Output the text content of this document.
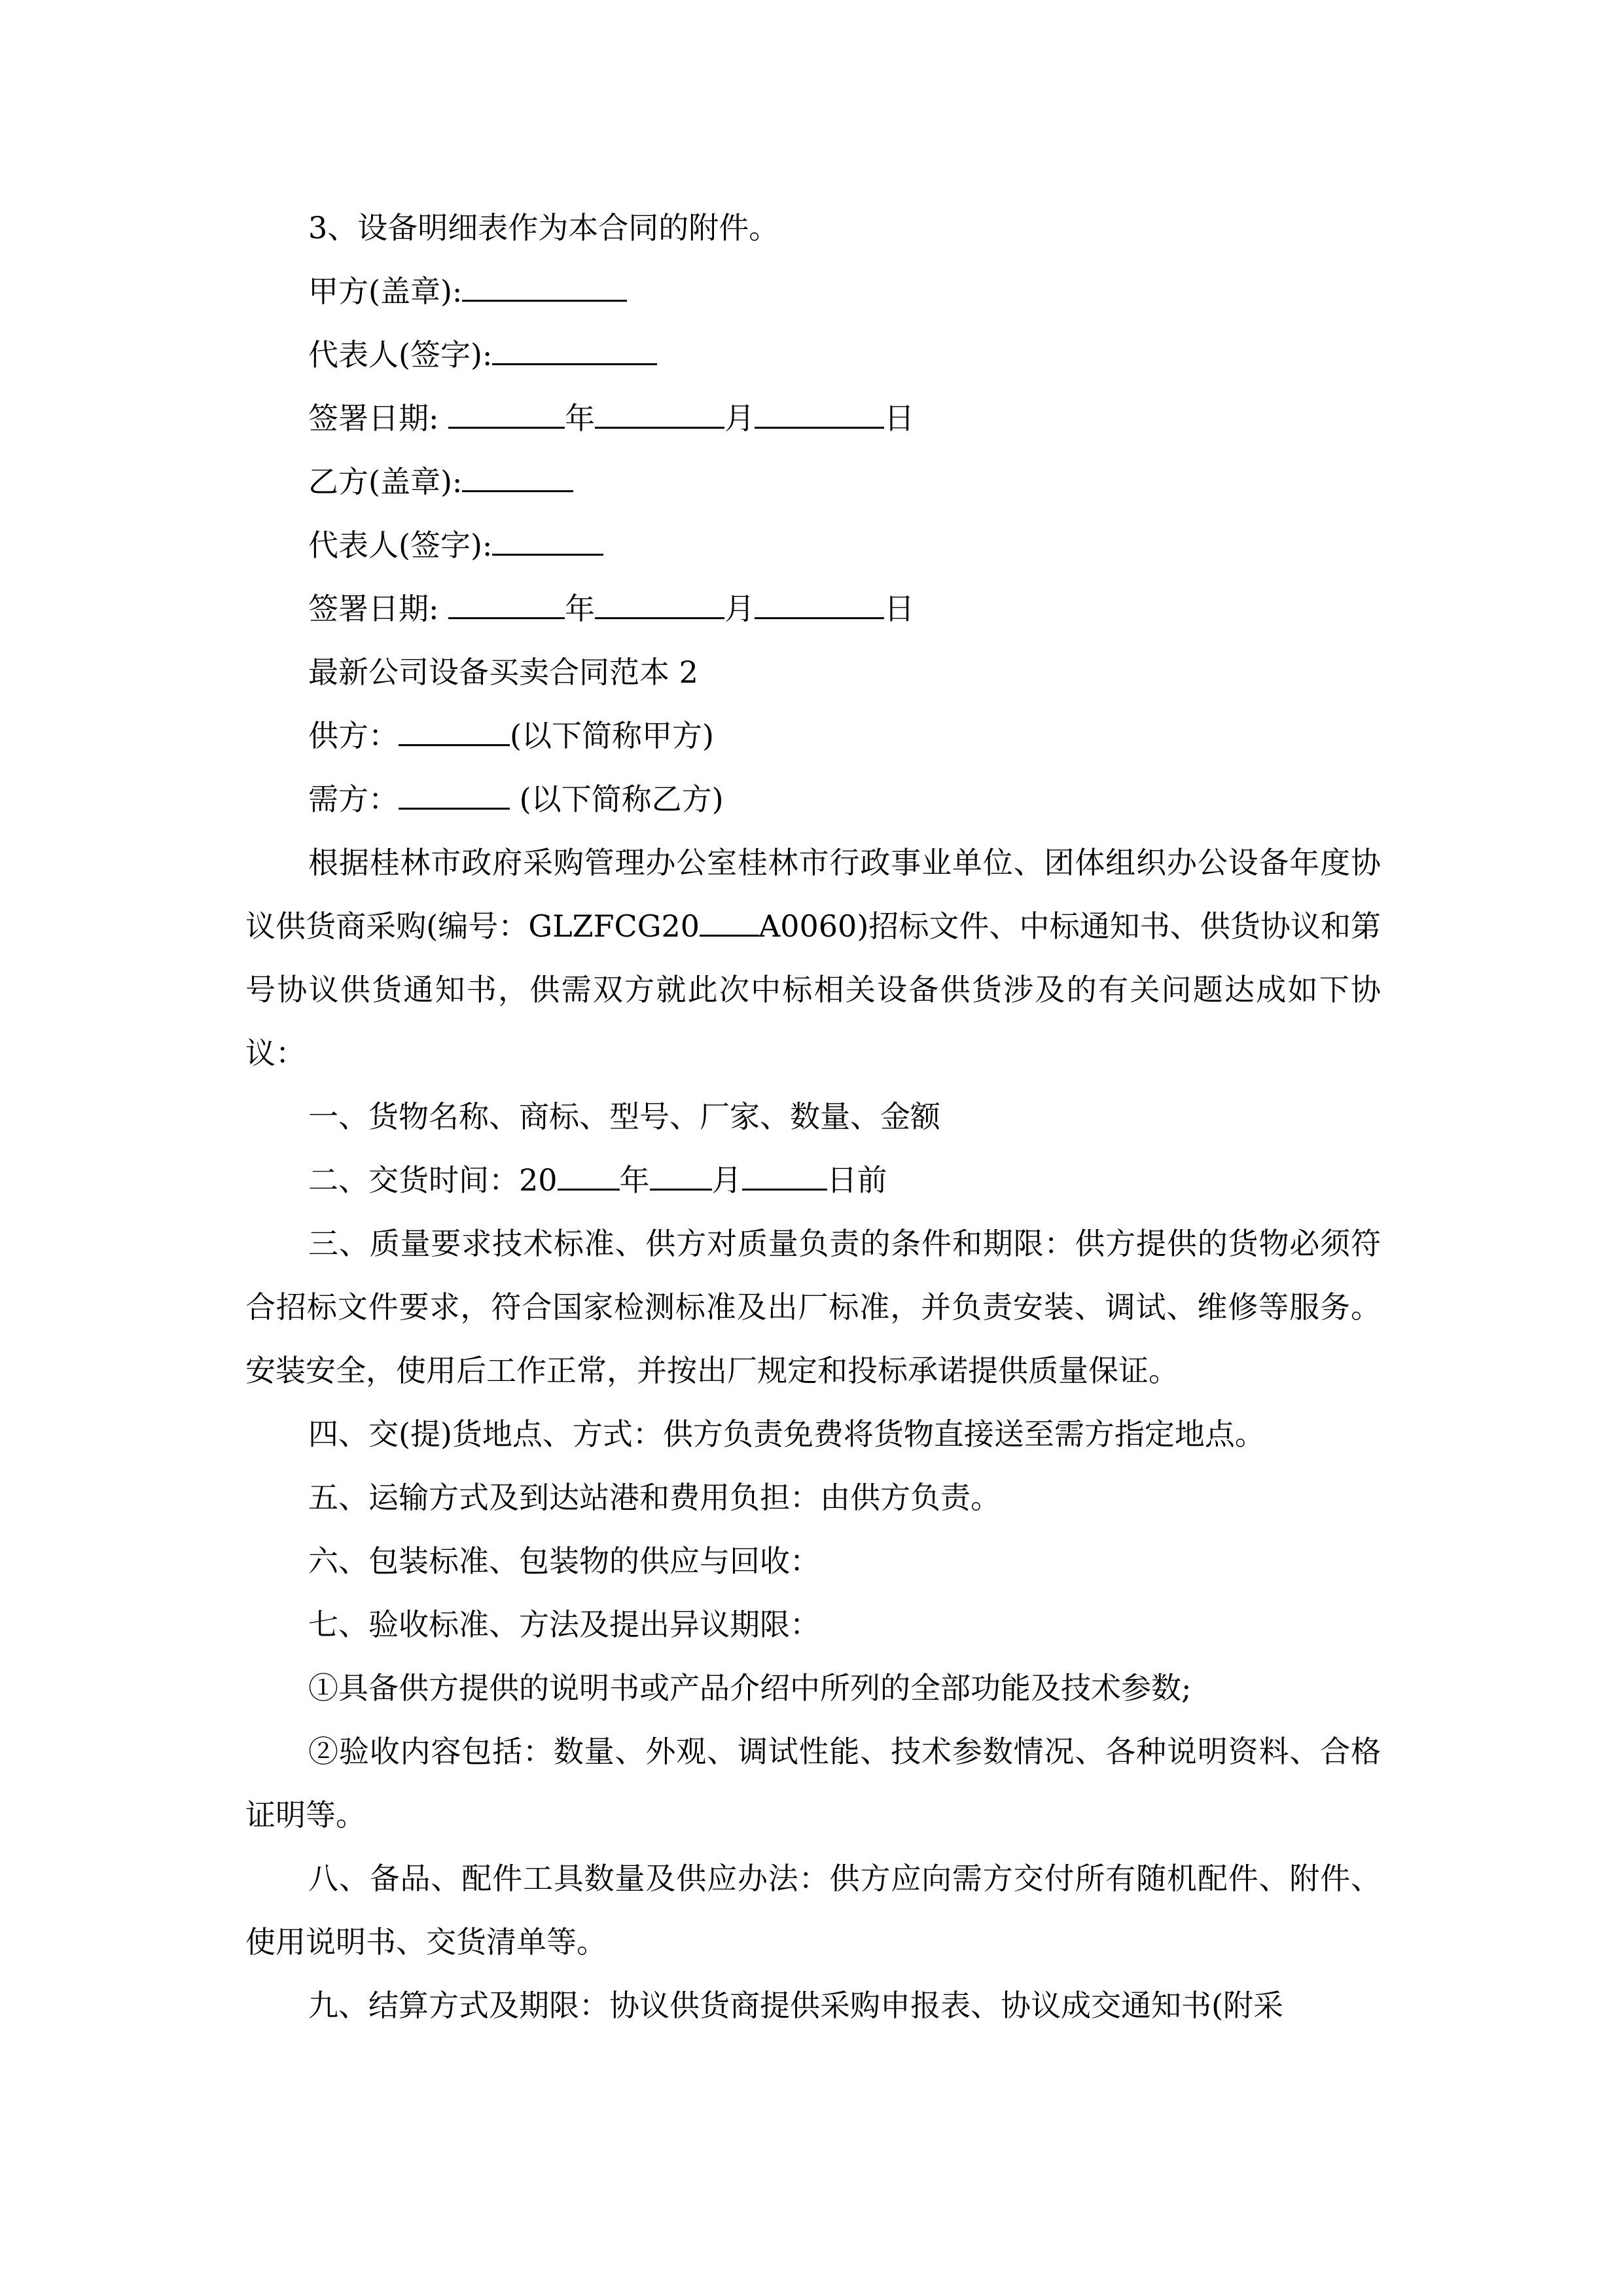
3、设备明细表作为本合同的附件。

甲方(盖章):

代表人(签字):

签署日期:	年	月	日

乙方(盖章):

代表人(签字):

签署日期:	年	月	日

最新公司设备买卖合同范本 2

供方：	(以下简称甲方)

需方：	(以下简称乙方)

根据桂林市政府采购管理办公室桂林市行政事业单位、团体组织办公设备年度协议供货商采购(编号：GLZFCG20 A0060)招标文件、中标通知书、供货协议和第 号协议供货通知书，供需双方就此次中标相关设备供货涉及的有关问题达成如下协议：

一、货物名称、商标、型号、厂家、数量、金额

二、交货时间：20 年 月	日前

三、质量要求技术标准、供方对质量负责的条件和期限：供方提供的货物必须符合招标文件要求，符合国家检测标准及出厂标准，并负责安装、调试、维修等服务。安装安全，使用后工作正常，并按出厂规定和投标承诺提供质量保证。

四、交(提)货地点、方式：供方负责免费将货物直接送至需方指定地点。

五、运输方式及到达站港和费用负担：由供方负责。

六、包装标准、包装物的供应与回收：

七、验收标准、方法及提出异议期限：

①具备供方提供的说明书或产品介绍中所列的全部功能及技术参数;

②验收内容包括：数量、外观、调试性能、技术参数情况、各种说明资料、合格证明等。

八、备品、配件工具数量及供应办法：供方应向需方交付所有随机配件、附件、使用说明书、交货清单等。

九、结算方式及期限：协议供货商提供采购申报表、协议成交通知书(附采
